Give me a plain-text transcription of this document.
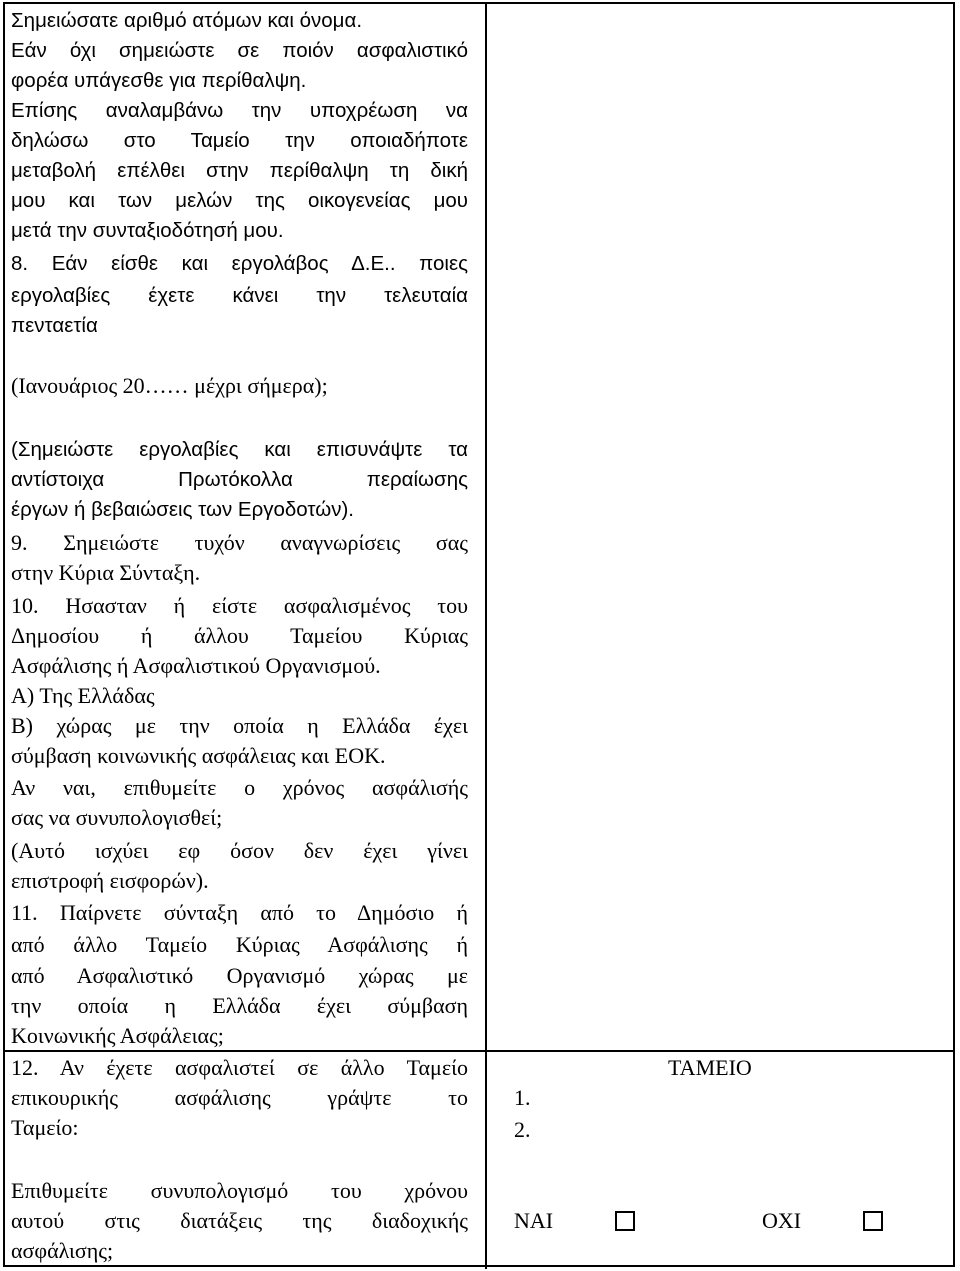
Σημειώσατε αριθμό ατόμων και όνομα.

Εάν όχι σημειώστε σε ποιόν ασφαλιστικό

φορέα υπάγεσθε για περίθαλψη.

Επίσης αναλαμβάνω την υποχρέωση να

δηλώσω στο Ταμείο την οποιαδήποτε

μεταβολή επέλθει στην περίθαλψη τη δική

μου και των μελών της οικογενείας μου

μετά την συνταξιοδότησή μου.

8. Εάν είσθε και εργολάβος Δ.Ε.. ποιες

εργολαβίες έχετε κάνει την τελευταία

πενταετία

(Ιανουάριος 20…… μέχρι σήμερα);

(Σημειώστε εργολαβίες και επισυνάψτε τα

αντίστοιχα Πρωτόκολλα περαίωσης

έργων ή βεβαιώσεις των Εργοδοτών).

9. Σημειώστε τυχόν αναγνωρίσεις σας

στην Κύρια Σύνταξη.

10. Ησασταν ή είστε ασφαλισμένος του

Δημοσίου ή άλλου Ταμείου Κύριας

Ασφάλισης ή Ασφαλιστικού Οργανισμού.

Α) Της Ελλάδας

Β) χώρας με την οποία η Ελλάδα έχει

σύμβαση κοινωνικής ασφάλειας και ΕΟΚ.

Αν ναι, επιθυμείτε ο χρόνος ασφάλισής

σας να συνυπολογισθεί;

(Αυτό ισχύει εφ όσον δεν έχει γίνει

επιστροφή εισφορών).

11. Παίρνετε σύνταξη από το Δημόσιο ή

από άλλο Ταμείο Κύριας Ασφάλισης ή

από Ασφαλιστικό Οργανισμό χώρας με

την οποία η Ελλάδα έχει σύμβαση

Κοινωνικής Ασφάλειας;

12. Αν έχετε ασφαλιστεί σε άλλο Ταμείο

επικουρικής ασφάλισης γράψτε το

Ταμείο:

Επιθυμείτε συνυπολογισμό του χρόνου

αυτού στις διατάξεις της διαδοχικής

ασφάλισης;

ΤΑΜΕΙΟ

1.

2.

ΝΑΙ	ΟΧΙ
